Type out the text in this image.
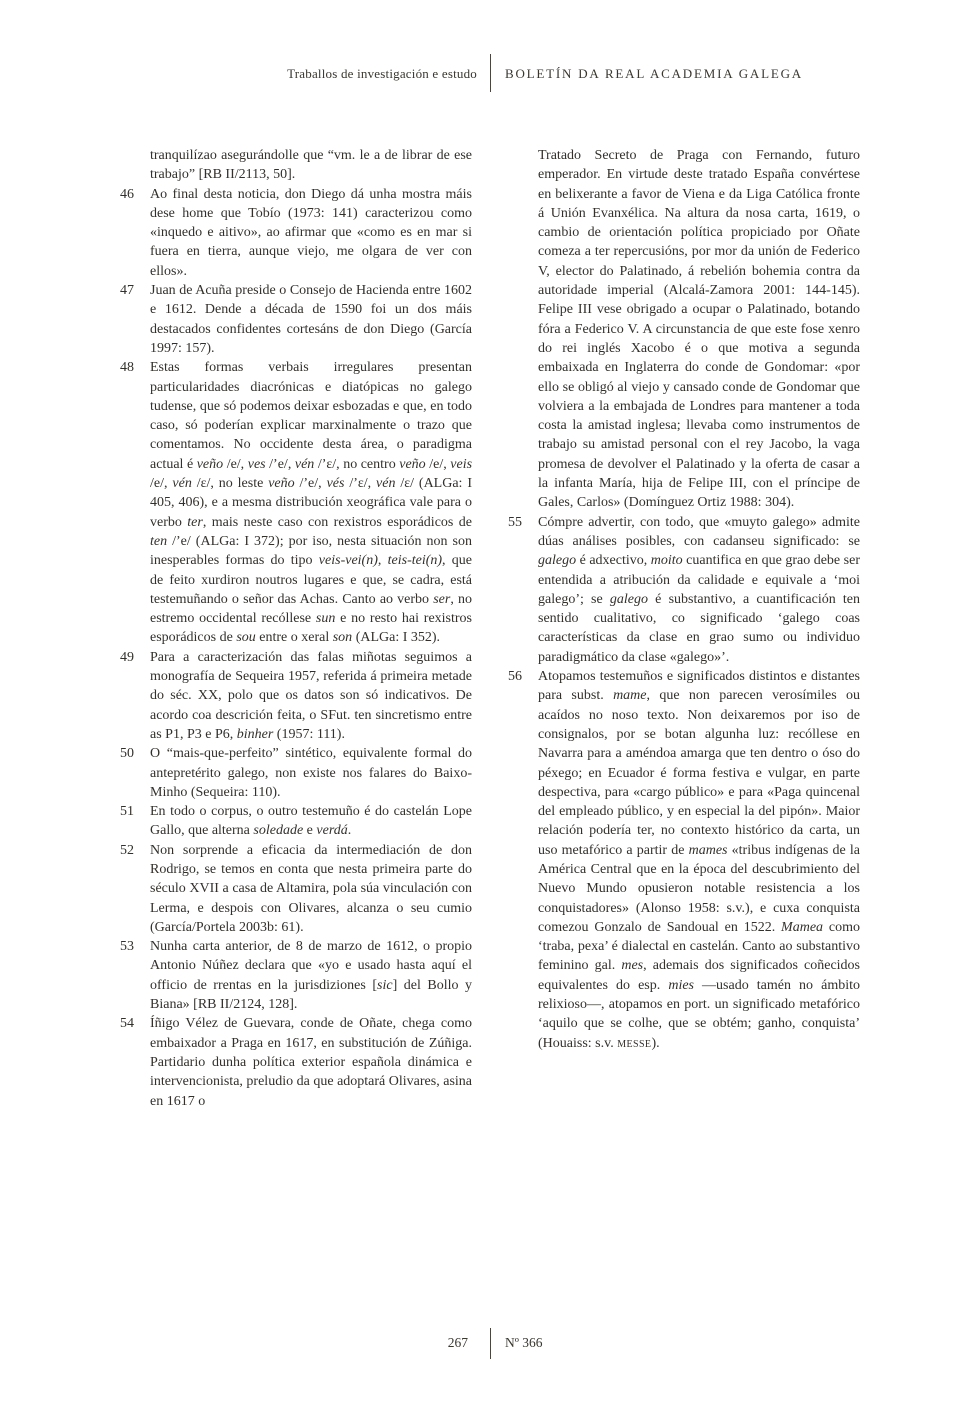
Traballos de investigación e estudo BOLETÍN DA REAL ACADEMIA GALEGA
tranquilízao asegurándolle que “vm. le a de librar de ese trabajo” [RB II/2113, 50].
46	Ao final desta noticia, don Diego dá unha mostra máis dese home que Tobío (1973: 141) caracterizou como «inquedo e aitivo», ao afirmar que «como es en mar si fuera en tierra, aunque viejo, me olgara de ver con ellos».
47	Juan de Acuña preside o Consejo de Hacienda entre 1602 e 1612. Dende a década de 1590 foi un dos máis destacados confidentes cortesáns de don Diego (García 1997: 157).
48	Estas formas verbais irregulares presentan particularidades diacrónicas e diatópicas no galego tudense, que só podemos deixar esbozadas e que, en todo caso, só poderían explicar marxinalmente o trazo que comentamos. No occidente desta área, o paradigma actual é veño /e/, ves /ʼe/, vén /ʼɛ/, no centro veño /e/, veis /e/, vén /ɛ/, no leste veño /ʼe/, vés /ʼɛ/, vén /ɛ/ (ALGa: I 405, 406), e a mesma distribución xeográfica vale para o verbo ter, mais neste caso con rexistros esporádicos de ten /ʼe/ (ALGa: I 372); por iso, nesta situación non son inesperables formas do tipo veis-vei(n), teis-tei(n), que de feito xurdiron noutros lugares e que, se cadra, está testemuñando o señor das Achas. Canto ao verbo ser, no estremo occidental recóllese sun e no resto hai rexistros esporádicos de sou entre o xeral son (ALGa: I 352).
49	Para a caracterización das falas miñotas seguimos a monografía de Sequeira 1957, referida á primeira metade do séc. XX, polo que os datos son só indicativos. De acordo coa descrición feita, o SFut. ten sincretismo entre as P1, P3 e P6, binher (1957: 111).
50	O “mais-que-perfeito” sintético, equivalente formal do antepretérito galego, non existe nos falares do Baixo-Minho (Sequeira: 110).
51	En todo o corpus, o outro testemuño é do castelán Lope Gallo, que alterna soledade e verdá.
52	Non sorprende a eficacia da intermediación de don Rodrigo, se temos en conta que nesta primeira parte do século XVII a casa de Altamira, pola súa vinculación con Lerma, e despois con Olivares, alcanza o seu cumio (García/Portela 2003b: 61).
53	Nunha carta anterior, de 8 de marzo de 1612, o propio Antonio Núñez declara que «yo e usado hasta aquí el officio de rrentas en la jurisdiziones [sic] del Bollo y Biana» [RB II/2124, 128].
54	Íñigo Vélez de Guevara, conde de Oñate, chega como embaixador a Praga en 1617, en substitución de Zúñiga. Partidario dunha política exterior española dinámica e intervencionista, preludio da que adoptará Olivares, asina en 1617 o
Tratado Secreto de Praga con Fernando, futuro emperador. En virtude deste tratado España convértese en belixerante a favor de Viena e da Liga Católica fronte á Unión Evanxélica. Na altura da nosa carta, 1619, o cambio de orientación política propiciado por Oñate comeza a ter repercusións, por mor da unión de Federico V, elector do Palatinado, á rebelión bohemia contra da autoridade imperial (Alcalá-Zamora 2001: 144-145). Felipe III vese obrigado a ocupar o Palatinado, botando fóra a Federico V. A circunstancia de que este fose xenro do rei inglés Xacobo é o que motiva a segunda embaixada en Inglaterra do conde de Gondomar: «por ello se obligó al viejo y cansado conde de Gondomar que volviera a la embajada de Londres para mantener a toda costa la amistad inglesa; llevaba como instrumentos de trabajo su amistad personal con el rey Jacobo, la vaga promesa de devolver el Palatinado y la oferta de casar a la infanta María, hija de Felipe III, con el príncipe de Gales, Carlos» (Domínguez Ortiz 1988: 304).
55	Cómpre advertir, con todo, que «muyto galego» admite dúas análises posibles, con cadanseu significado: se galego é adxectivo, moito cuantifica en que grao debe ser entendida a atribución da calidade e equivale a ‘moi galego’; se galego é substantivo, a cuantificación ten sentido cualitativo, co significado ‘galego coas características da clase en grao sumo ou individuo paradigmático da clase «galego»’.
56	Atopamos testemuños e significados distintos e distantes para subst. mame, que non parecen verosímiles ou acaídos no noso texto. Non deixaremos por iso de consignalos, por se botan algunha luz: recóllese en Navarra para a améndoa amarga que ten dentro o óso do péxego; en Ecuador é forma festiva e vulgar, en parte despectiva, para «cargo público» e para «Paga quincenal del empleado público, y en especial la del pipón». Maior relación podería ter, no contexto histórico da carta, un uso metafórico a partir de mames «tribus indígenas de la América Central que en la época del descubrimiento del Nuevo Mundo opusieron notable resistencia a los conquistadores» (Alonso 1958: s.v.), e cuxa conquista comezou Gonzalo de Sandoual en 1522. Mamea como ‘traba, pexa’ é dialectal en castelán. Canto ao substantivo feminino gal. mes, ademais dos significados coñecidos equivalentes do esp. mies —usado tamén no ámbito relixioso—, atopamos en port. un significado metafórico ‘aquilo que se colhe, que se obtém; ganho, conquista’ (Houaiss: s.v. messe).
267	Nº 366
